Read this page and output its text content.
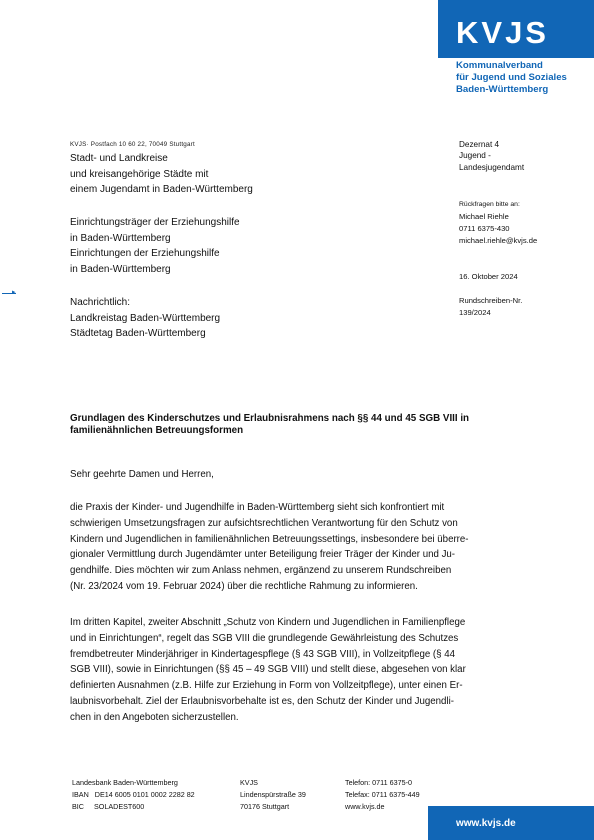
KVJS
Kommunalverband
für Jugend und Soziales
Baden-Württemberg
KVJS· Postfach 10 60 22, 70049 Stuttgart
Stadt- und Landkreise
und kreisangehörige Städte mit
einem Jugendamt in Baden-Württemberg
Einrichtungsträger der Erziehungshilfe
in Baden-Württemberg
Einrichtungen der Erziehungshilfe
in Baden-Württemberg
Nachrichtlich:
Landkreistag Baden-Württemberg
Städtetag Baden-Württemberg
▸
Dezernat 4
Jugend -
Landesjugendamt
Rückfragen bitte an:
Michael Riehle
0711 6375-430
michael.riehle@kvjs.de
16. Oktober 2024
Rundschreiben-Nr.
139/2024
Grundlagen des Kinderschutzes und Erlaubnisrahmens nach §§ 44 und 45 SGB VIII in familienähnlichen Betreuungsformen
Sehr geehrte Damen und Herren,
die Praxis der Kinder- und Jugendhilfe in Baden-Württemberg sieht sich konfrontiert mit
schwierigen Umsetzungsfragen zur aufsichtsrechtlichen Verantwortung für den Schutz von
Kindern und Jugendlichen in familienähnlichen Betreuungssettings, insbesondere bei überre-
gionaler Vermittlung durch Jugendämter unter Beteiligung freier Träger der Kinder und Ju-
gendhilfe. Dies möchten wir zum Anlass nehmen, ergänzend zu unserem Rundschreiben
(Nr. 23/2024 vom 19. Februar 2024) über die rechtliche Rahmung zu informieren.
Im dritten Kapitel, zweiter Abschnitt „Schutz von Kindern und Jugendlichen in Familienpflege
und in Einrichtungen“, regelt das SGB VIII die grundlegende Gewährleistung des Schutzes
fremdbetreuter Minderjähriger in Kindertagespflege (§ 43 SGB VIII), in Vollzeitpflege (§ 44
SGB VIII), sowie in Einrichtungen (§§ 45 – 49 SGB VIII) und stellt diese, abgesehen von klar
definierten Ausnahmen (z.B. Hilfe zur Erziehung in Form von Vollzeitpflege), unter einen Er-
laubnisvorbehalt. Ziel der Erlaubnisvorbehalte ist es, den Schutz der Kinder und Jugendli-
chen in den Angeboten sicherzustellen.
Landesbank Baden-Württemberg
IBAN   DE14 6005 0101 0002 2282 82
BIC     SOLADEST600
KVJS
Lindenspürstraße 39
70176 Stuttgart
Telefon: 0711 6375-0
Telefax: 0711 6375-449
www.kvjs.de
www.kvjs.de
